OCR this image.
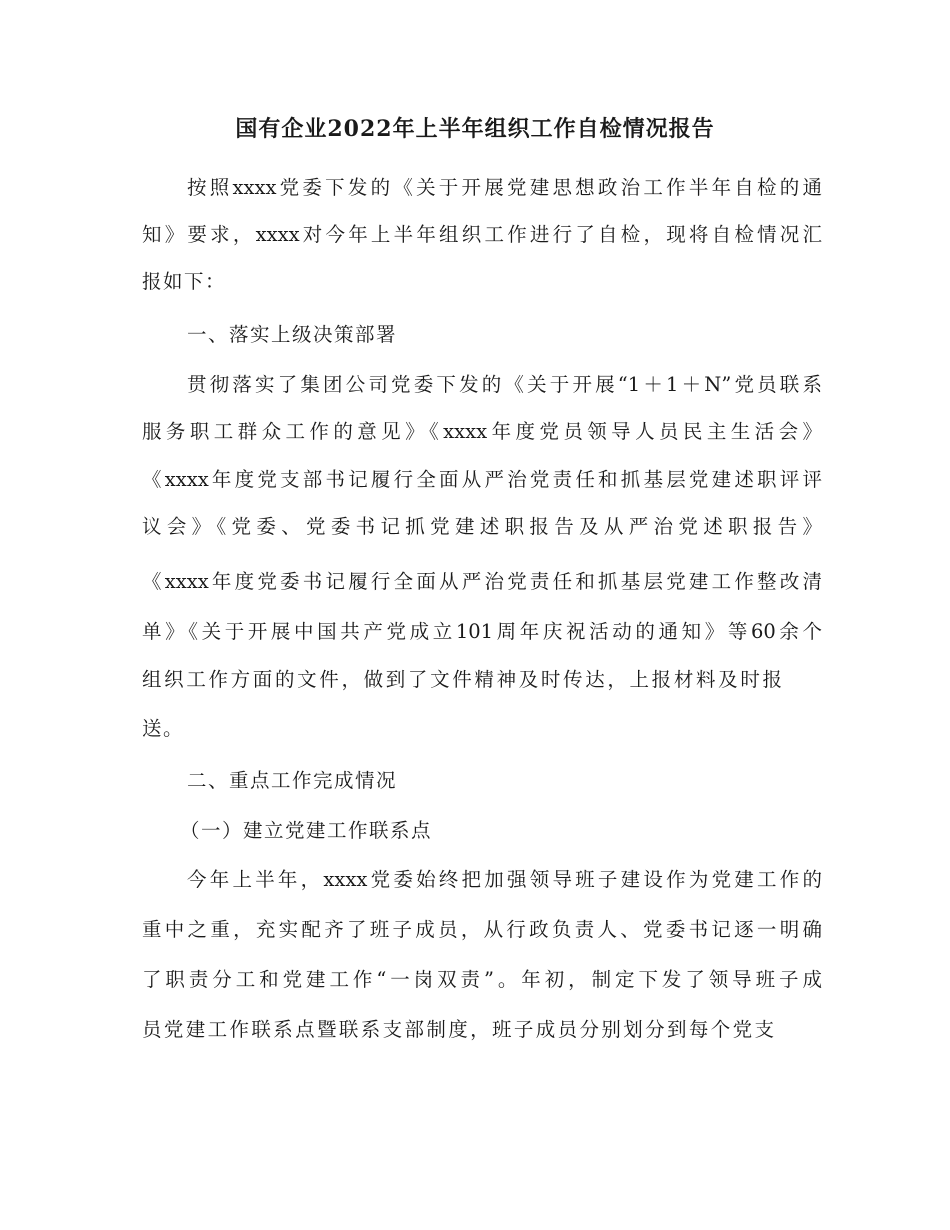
国有企业2022年上半年组织工作自检情况报告
按照xxxx党委下发的《关于开展党建思想政治工作半年自检的通
知》要求，xxxx对今年上半年组织工作进行了自检，现将自检情况汇
报如下：
一、落实上级决策部署
贯彻落实了集团公司党委下发的《关于开展“1＋1＋N”党员联系
服务职工群众工作的意见》《xxxx年度党员领导人员民主生活会》
《xxxx年度党支部书记履行全面从严治党责任和抓基层党建述职评评
议会》《党委、党委书记抓党建述职报告及从严治党述职报告》
《xxxx年度党委书记履行全面从严治党责任和抓基层党建工作整改清
单》《关于开展中国共产党成立101周年庆祝活动的通知》等60余个
组织工作方面的文件，做到了文件精神及时传达，上报材料及时报
送。
二、重点工作完成情况
（一）建立党建工作联系点
今年上半年，xxxx党委始终把加强领导班子建设作为党建工作的
重中之重，充实配齐了班子成员，从行政负责人、党委书记逐一明确
了职责分工和党建工作“一岗双责”。年初，制定下发了领导班子成
员党建工作联系点暨联系支部制度，班子成员分别划分到每个党支
